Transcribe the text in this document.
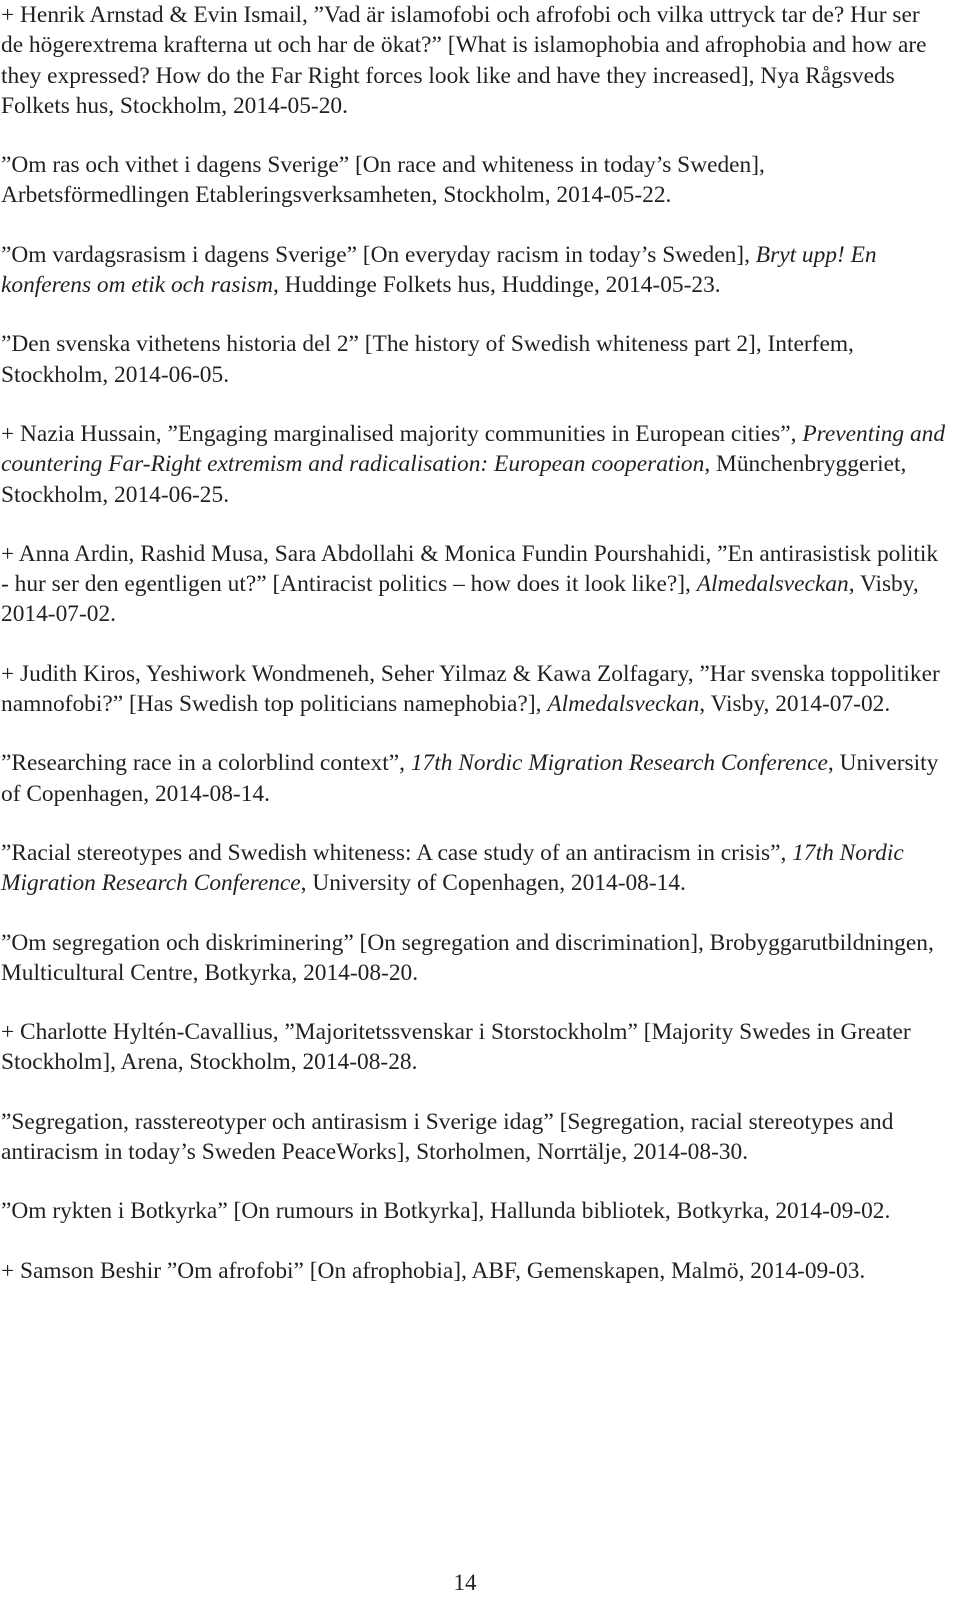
+ Henrik Arnstad & Evin Ismail, ”Vad är islamofobi och afrofobi och vilka uttryck tar de? Hur ser de högerextrema krafterna ut och har de ökat?” [What is islamophobia and afrophobia and how are they expressed? How do the Far Right forces look like and have they increased], Nya Rågsveds Folkets hus, Stockholm, 2014-05-20.

”Om ras och vithet i dagens Sverige” [On race and whiteness in today’s Sweden], Arbetsförmedlingen Etableringsverksamheten, Stockholm, 2014-05-22.

”Om vardagsrasism i dagens Sverige” [On everyday racism in today’s Sweden], Bryt upp! En konferens om etik och rasism, Huddinge Folkets hus, Huddinge, 2014-05-23.

”Den svenska vithetens historia del 2” [The history of Swedish whiteness part 2], Interfem, Stockholm, 2014-06-05.

+ Nazia Hussain, ”Engaging marginalised majority communities in European cities”, Preventing and countering Far-Right extremism and radicalisation: European cooperation, Münchenbryggeriet, Stockholm, 2014-06-25.

+ Anna Ardin, Rashid Musa, Sara Abdollahi & Monica Fundin Pourshahidi, ”En antirasistisk politik - hur ser den egentligen ut?” [Antiracist politics – how does it look like?], Almedalsveckan, Visby, 2014-07-02.

+ Judith Kiros, Yeshiwork Wondmeneh, Seher Yilmaz & Kawa Zolfagary, ”Har svenska toppolitiker namnofobi?” [Has Swedish top politicians namephobia?], Almedalsveckan, Visby, 2014-07-02.

”Researching race in a colorblind context”, 17th Nordic Migration Research Conference, University of Copenhagen, 2014-08-14.

”Racial stereotypes and Swedish whiteness: A case study of an antiracism in crisis”, 17th Nordic Migration Research Conference, University of Copenhagen, 2014-08-14.

”Om segregation och diskriminering” [On segregation and discrimination], Brobyggarutbildningen, Multicultural Centre, Botkyrka, 2014-08-20.

+ Charlotte Hyltén-Cavallius, ”Majoritetssvenskar i Storstockholm” [Majority Swedes in Greater Stockholm], Arena, Stockholm, 2014-08-28.

”Segregation, rasstereotyper och antirasism i Sverige idag” [Segregation, racial stereotypes and antiracism in today’s Sweden PeaceWorks], Storholmen, Norrtälje, 2014-08-30.

”Om rykten i Botkyrka” [On rumours in Botkyrka], Hallunda bibliotek, Botkyrka, 2014-09-02.

+ Samson Beshir ”Om afrofobi” [On afrophobia], ABF, Gemenskapen, Malmö, 2014-09-03.

14
